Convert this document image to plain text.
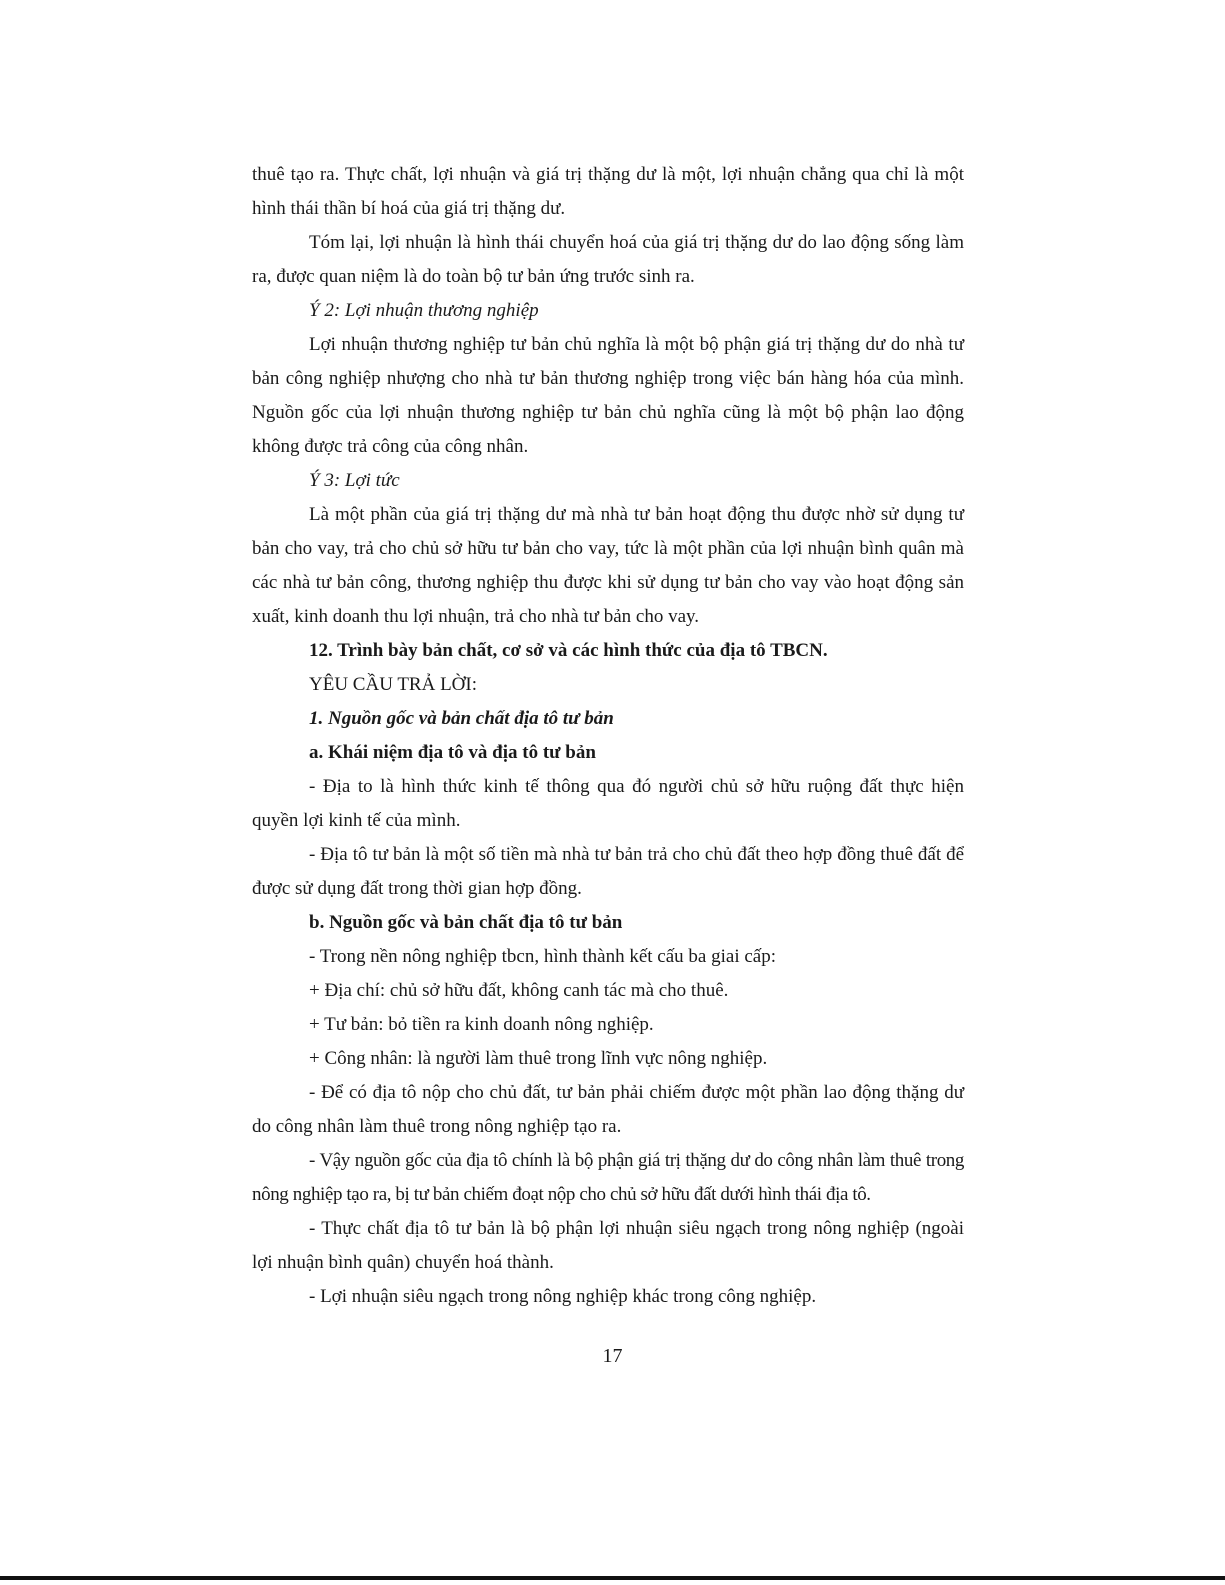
thuê tạo ra. Thực chất, lợi nhuận và giá trị thặng dư là một, lợi nhuận chẳng qua chỉ là một hình thái thần bí hoá của giá trị thặng dư.

Tóm lại, lợi nhuận là hình thái chuyển hoá của giá trị thặng dư do lao động sống làm ra, được quan niệm là do toàn bộ tư bản ứng trước sinh ra.

Ý 2: Lợi nhuận thương nghiệp

Lợi nhuận thương nghiệp tư bản chủ nghĩa là một bộ phận giá trị thặng dư do nhà tư bản công nghiệp nhượng cho nhà tư bản thương nghiệp trong việc bán hàng hóa của mình. Nguồn gốc của lợi nhuận thương nghiệp tư bản chủ nghĩa cũng là một bộ phận lao động không được trả công của công nhân.

Ý 3: Lợi tức

Là một phần của giá trị thặng dư mà nhà tư bản hoạt động thu được nhờ sử dụng tư bản cho vay, trả cho chủ sở hữu tư bản cho vay, tức là một phần của lợi nhuận bình quân mà các nhà tư bản công, thương nghiệp thu được khi sử dụng tư bản cho vay vào hoạt động sản xuất, kinh doanh thu lợi nhuận, trả cho nhà tư bản cho vay.

12. Trình bày bản chất, cơ sở và các hình thức của địa tô TBCN.

YÊU CẦU TRẢ LỜI:

1. Nguồn gốc và bản chất địa tô tư bản

a. Khái niệm địa tô và địa tô tư bản

- Địa to là hình thức kinh tế thông qua đó người chủ sở hữu ruộng đất thực hiện quyền lợi kinh tế của mình.

- Địa tô tư bản là một số tiền mà nhà tư bản trả cho chủ đất theo hợp đồng thuê đất để được sử dụng đất trong thời gian hợp đồng.

b. Nguồn gốc và bản chất địa tô tư bản

- Trong nền nông nghiệp tbcn, hình thành kết cấu ba giai cấp:

+ Địa chí: chủ sở hữu đất, không canh tác mà cho thuê.

+ Tư bản: bỏ tiền ra kinh doanh nông nghiệp.

+ Công nhân: là người làm thuê trong lĩnh vực nông nghiệp.

- Để có địa tô nộp cho chủ đất, tư bản phải chiếm được một phần lao động thặng dư do công nhân làm thuê trong nông nghiệp tạo ra.

- Vậy nguồn gốc của địa tô chính là bộ phận giá trị thặng dư do công nhân làm thuê trong nông nghiệp tạo ra, bị tư bản chiếm đoạt nộp cho chủ sở hữu đất dưới hình thái địa tô.

- Thực chất địa tô tư bản là bộ phận lợi nhuận siêu ngạch trong nông nghiệp (ngoài lợi nhuận bình quân) chuyển hoá thành.

- Lợi nhuận siêu ngạch trong nông nghiệp khác trong công nghiệp.

17
